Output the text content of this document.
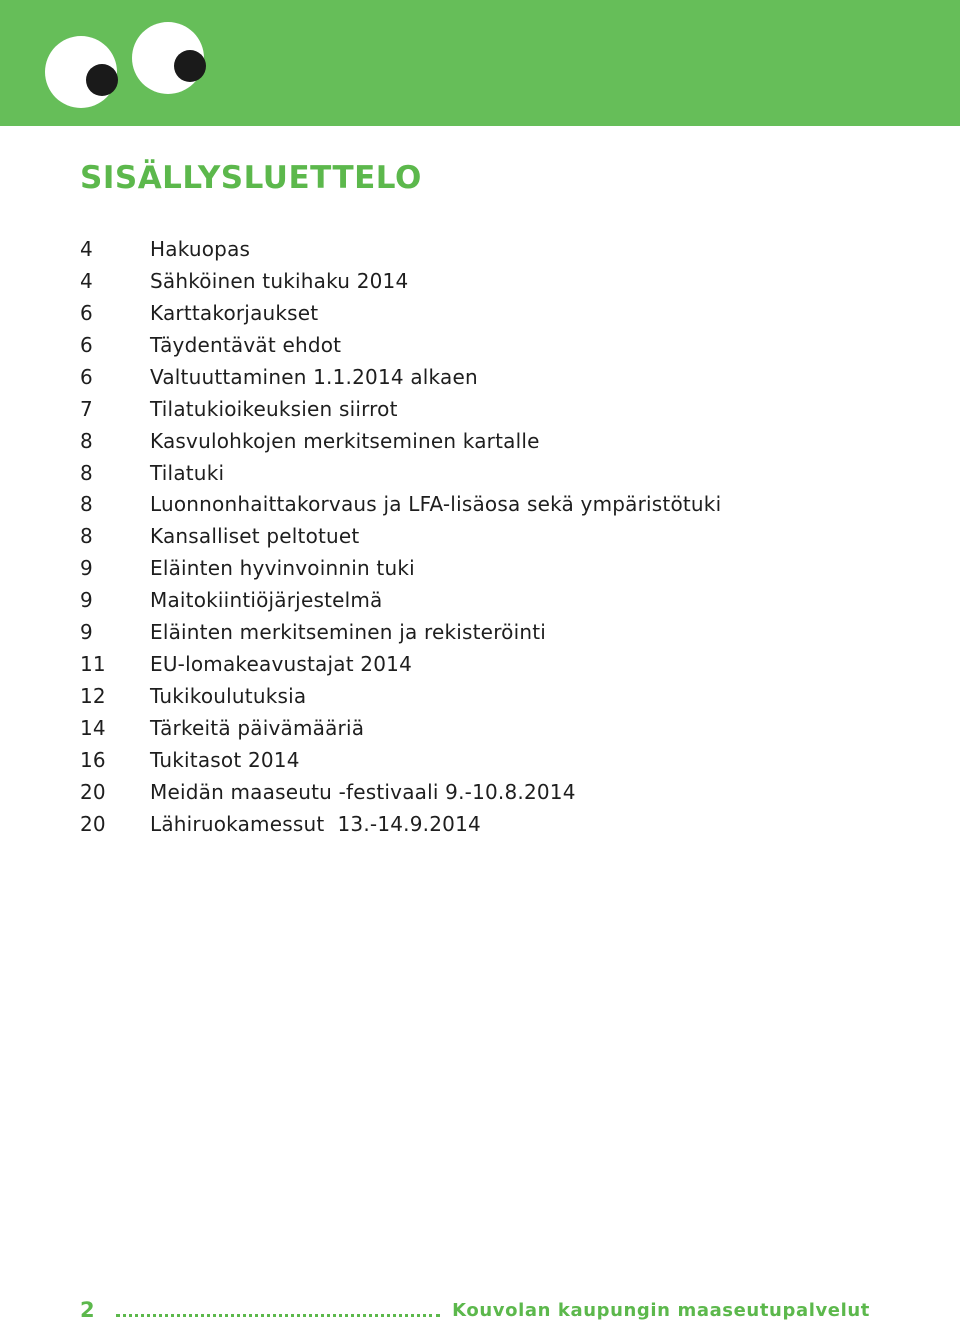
SISÄLLYSLUETTELO
4	Hakuopas
4	Sähköinen tukihaku 2014
6	Karttakorjaukset
6	Täydentävät ehdot
6	Valtuuttaminen 1.1.2014 alkaen
7	Tilatukioikeuksien siirrot
8	Kasvulohkojen merkitseminen kartalle
8	Tilatuki
8	Luonnonhaittakorvaus ja LFA-lisäosa sekä ympäristötuki
8	Kansalliset peltotuet
9	Eläinten hyvinvoinnin tuki
9	Maitokiintiöjärjestelmä
9	Eläinten merkitseminen ja rekisteröinti
11	EU-lomakeavustajat 2014
12	Tukikoulutuksia
14	Tärkeitä päivämääriä
16	Tukitasot 2014
20	Meidän maaseutu -festivaali 9.-10.8.2014
20	Lähiruokamessut  13.-14.9.2014
2	Kouvolan kaupungin maaseutupalvelut
